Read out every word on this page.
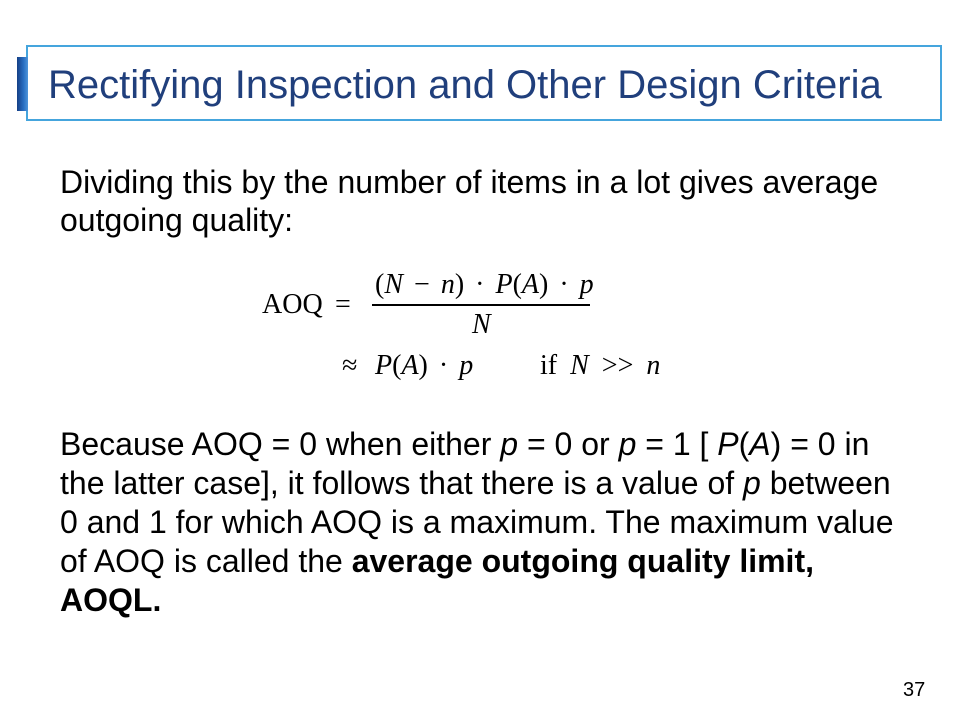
Rectifying Inspection and Other Design Criteria
Dividing this by the number of items in a lot gives average
outgoing quality:
AOQ =
( N − n ) · P ( A ) · p
N
≈ P ( A ) · p if N >> n
Because AOQ = 0 when either p = 0 or p = 1 [ P ( A ) = 0 in
the latter case], it follows that there is a value of p between
0 and 1 for which AOQ is a maximum. The maximum value
of AOQ is called the average outgoing quality limit,
AOQL.
37
